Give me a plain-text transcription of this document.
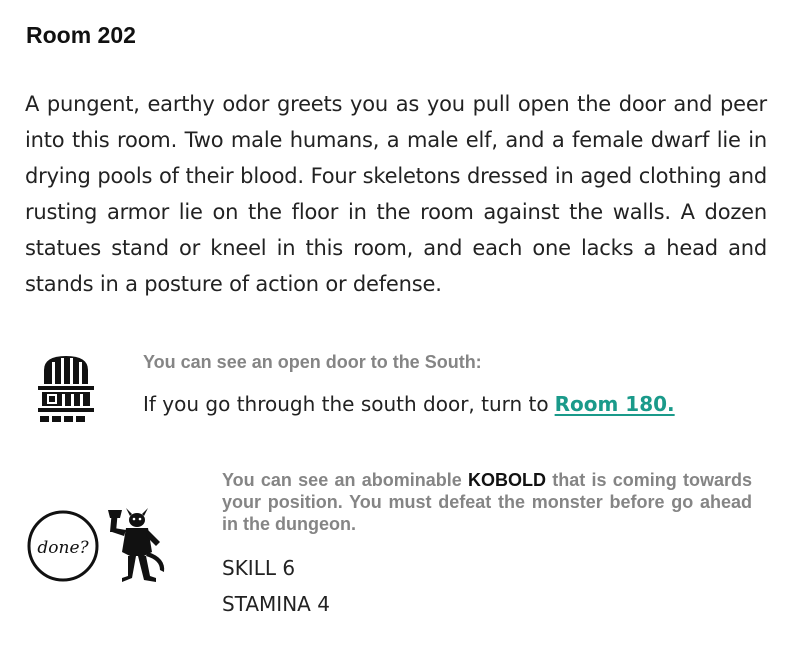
Room 202

A pungent, earthy odor greets you as you pull open the door and peer into this room. Two male humans, a male elf, and a female dwarf lie in drying pools of their blood. Four skeletons dressed in aged clothing and rusting armor lie on the floor in the room against the walls. A dozen statues stand or kneel in this room, and each one lacks a head and stands in a posture of action or defense.

You can see an open door to the South:

If you go through the south door, turn to Room 180.

done?

You can see an abominable KOBOLD that is coming towards your position. You must defeat the monster before go ahead in the dungeon.

SKILL 6

STAMINA 4
